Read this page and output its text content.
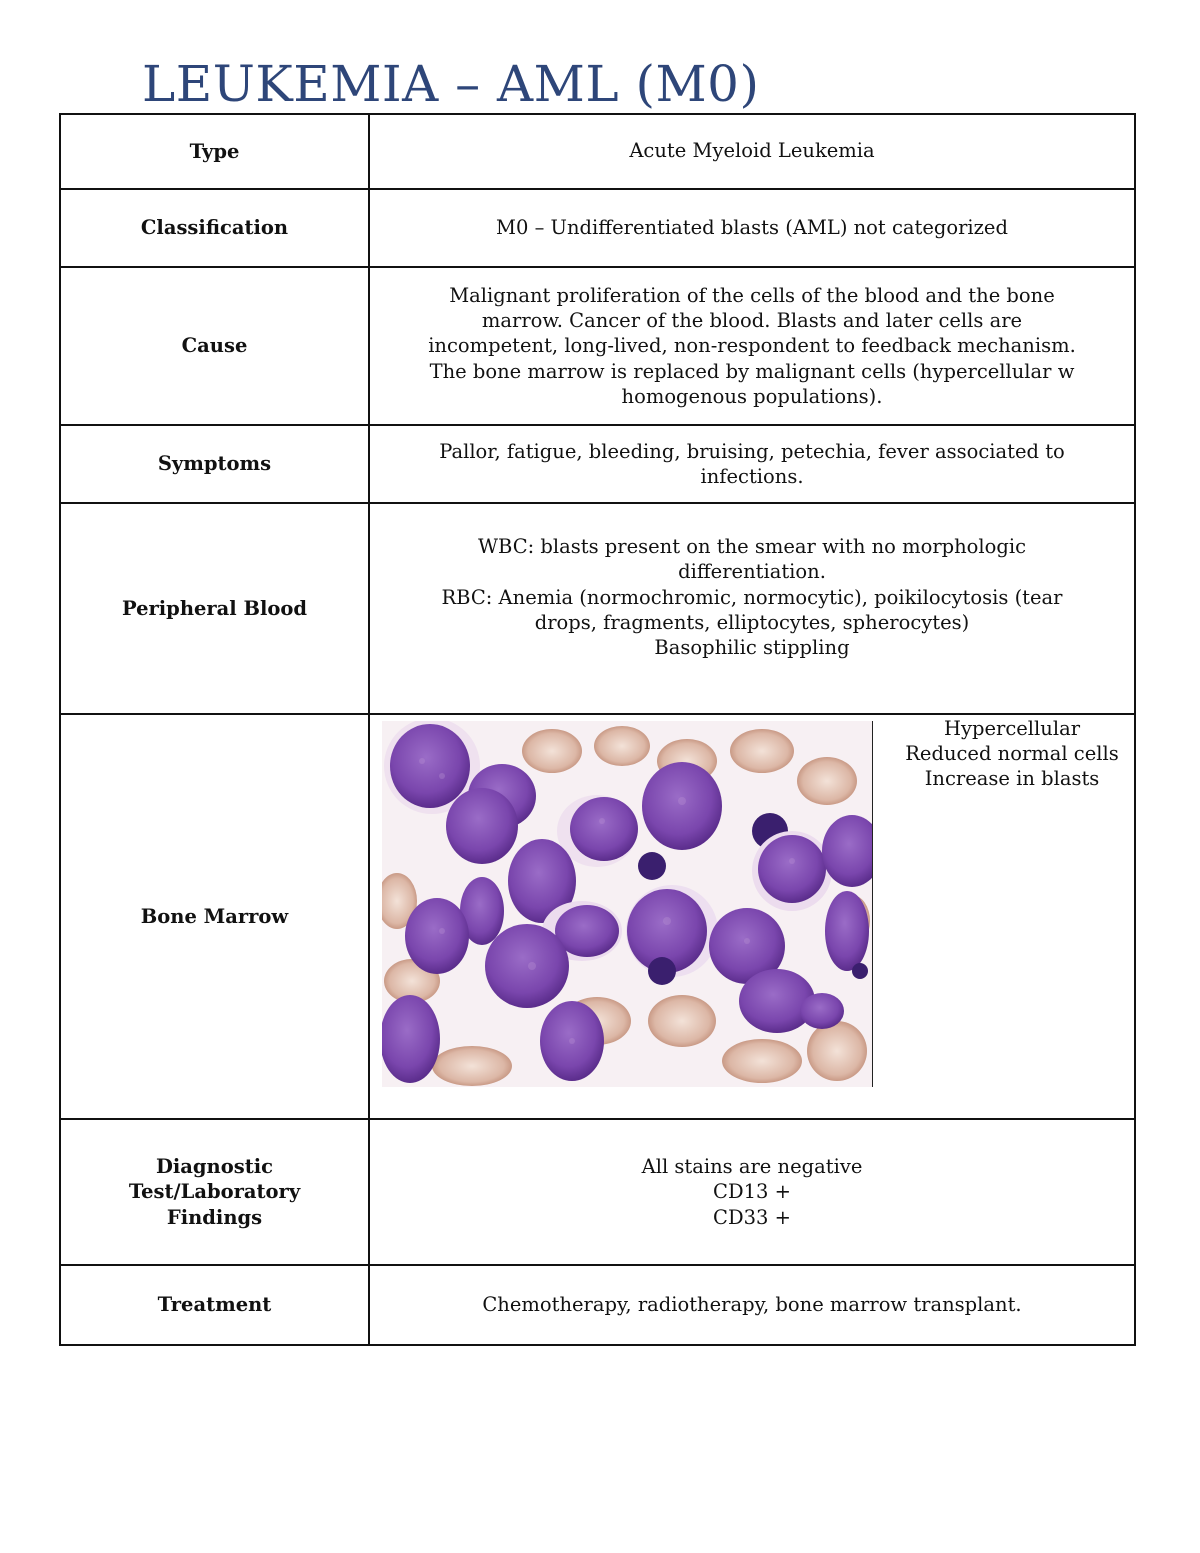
LEUKEMIA – AML (M0)
Type	Acute Myeloid Leukemia

Classification	M0 – Undifferentiated blasts (AML) not categorized

Cause	Malignant proliferation of the cells of the blood and the bone
marrow. Cancer of the blood. Blasts and later cells are
incompetent, long-lived, non-respondent to feedback mechanism.
The bone marrow is replaced by malignant cells (hypercellular w
homogenous populations).

Symptoms	Pallor, fatigue, bleeding, bruising, petechia, fever associated to
infections.

Peripheral Blood	WBC: blasts present on the smear with no morphologic
differentiation.
RBC: Anemia (normochromic, normocytic), poikilocytosis (tear
drops, fragments, elliptocytes, spherocytes)
Basophilic stippling

Bone Marrow	Hypercellular
Reduced normal cells
Increase in blasts

Diagnostic
Test/Laboratory
Findings	All stains are negative
CD13 +
CD33 +

Treatment	Chemotherapy, radiotherapy, bone marrow transplant.
